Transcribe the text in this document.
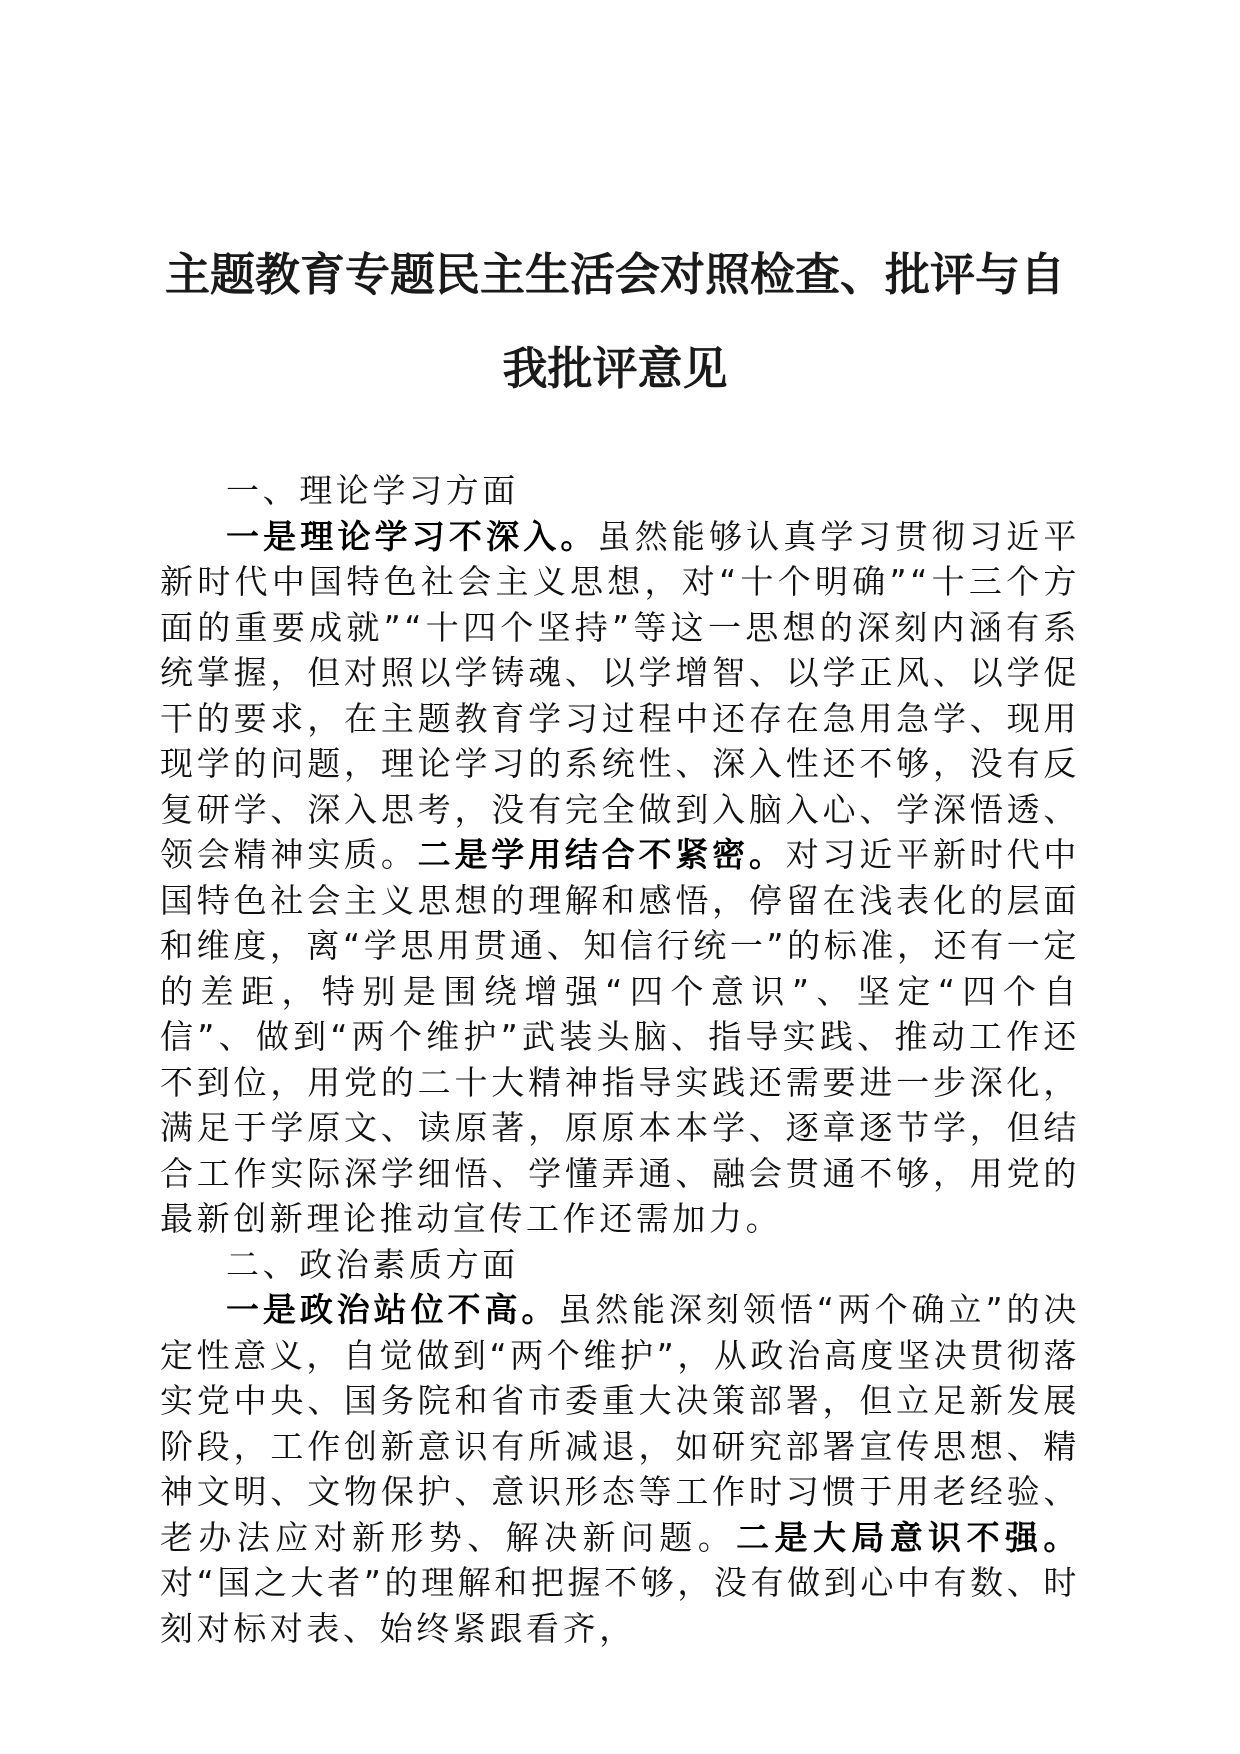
主题教育专题民主生活会对照检查、批评与自
我批评意见

一、理论学习方面

一是理论学习不深入。虽然能够认真学习贯彻习近平新时代中国特色社会主义思想，对“十个明确”“十三个方面的重要成就”“十四个坚持”等这一思想的深刻内涵有系统掌握，但对照以学铸魂、以学增智、以学正风、以学促干的要求，在主题教育学习过程中还存在急用急学、现用现学的问题，理论学习的系统性、深入性还不够，没有反复研学、深入思考，没有完全做到入脑入心、学深悟透、领会精神实质。二是学用结合不紧密。对习近平新时代中国特色社会主义思想的理解和感悟，停留在浅表化的层面和维度，离“学思用贯通、知信行统一”的标准，还有一定的差距，特别是围绕增强“四个意识”、坚定“四个自信”、做到“两个维护”武装头脑、指导实践、推动工作还不到位，用党的二十大精神指导实践还需要进一步深化，满足于学原文、读原著，原原本本学、逐章逐节学，但结合工作实际深学细悟、学懂弄通、融会贯通不够，用党的最新创新理论推动宣传工作还需加力。

二、政治素质方面

一是政治站位不高。虽然能深刻领悟“两个确立”的决定性意义，自觉做到“两个维护”，从政治高度坚决贯彻落实党中央、国务院和省市委重大决策部署，但立足新发展阶段，工作创新意识有所减退，如研究部署宣传思想、精神文明、文物保护、意识形态等工作时习惯于用老经验、老办法应对新形势、解决新问题。二是大局意识不强。对“国之大者”的理解和把握不够，没有做到心中有数、时刻对标对表、始终紧跟看齐，
